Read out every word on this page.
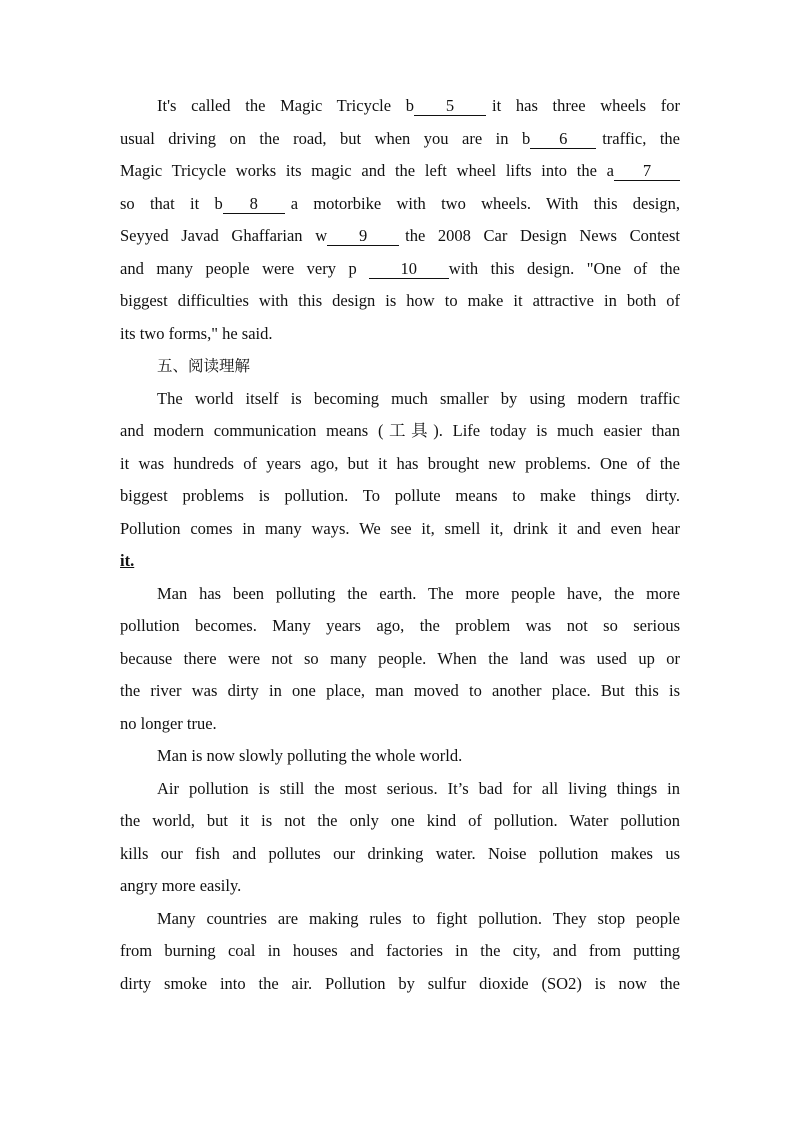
It's called the Magic Tricycle b 5 it has three wheels for
usual driving on the road, but when you are in b 6 traffic, the
Magic Tricycle works its magic and the left wheel lifts into the a 7
so that it b 8 a motorbike with two wheels. With this design,
Seyyed Javad Ghaffarian w 9 the 2008 Car Design News Contest
and many people were very p	10 with this design. "One of the
biggest difficulties with this design is how to make it attractive in both of
its two forms," he said.
五、阅读理解
The world itself is becoming much smaller by using modern traffic
and modern communication means (工具). Life today is much easier than
it was hundreds of years ago, but it has brought new problems. One of the
biggest problems is pollution. To pollute means to make things dirty.
Pollution comes in many ways. We see it, smell it, drink it and even hear
it.
Man has been polluting the earth. The more people have, the more
pollution becomes. Many years ago, the problem was not so serious
because there were not so many people. When the land was used up or
the river was dirty in one place, man moved to another place. But this is
no longer true.
Man is now slowly polluting the whole world.
Air pollution is still the most serious. It’s bad for all living things in
the world, but it is not the only one kind of pollution. Water pollution
kills our fish and pollutes our drinking water. Noise pollution makes us
angry more easily.
Many countries are making rules to fight pollution. They stop people
from burning coal in houses and factories in the city, and from putting
dirty smoke into the air. Pollution by sulfur dioxide (SO2) is now the
